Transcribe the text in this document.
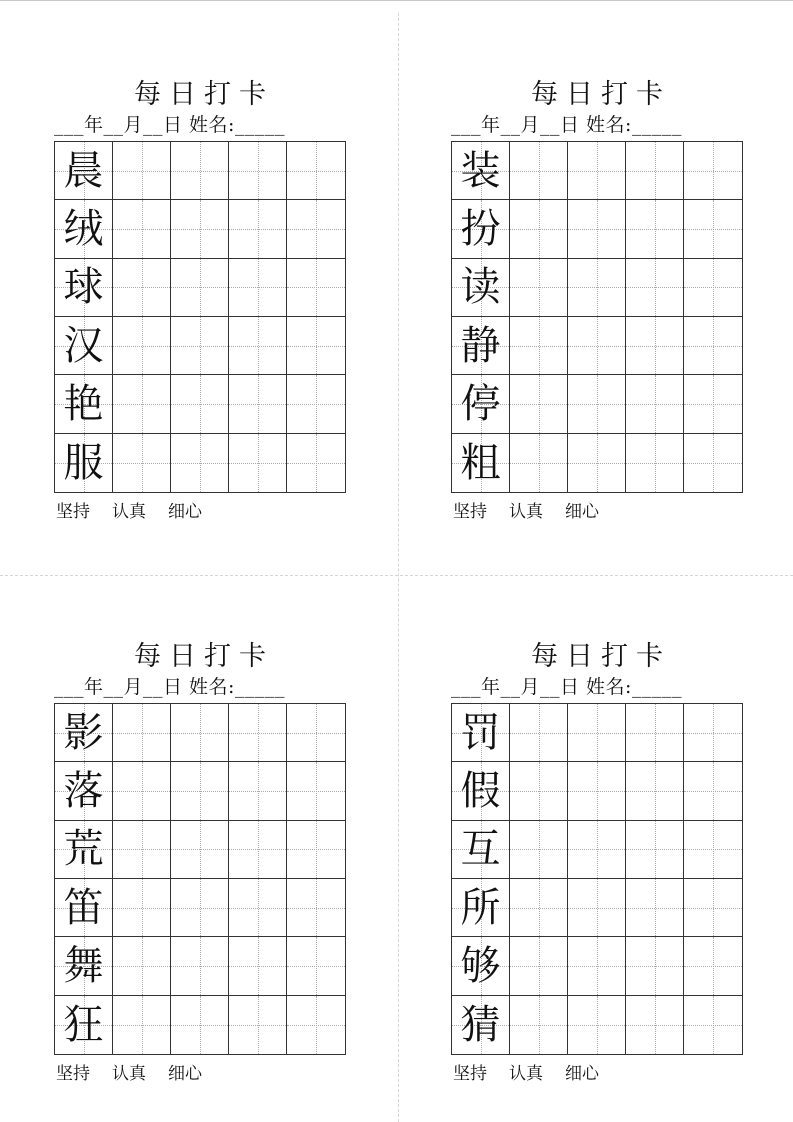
每日打卡
___年__月__日 姓名:_____
晨
绒
球
汉
艳
服
坚持 认真 细心
每日打卡
___年__月__日 姓名:_____
装
扮
读
静
停
粗
坚持 认真 细心
每日打卡
___年__月__日 姓名:_____
影
落
荒
笛
舞
狂
坚持 认真 细心
每日打卡
___年__月__日 姓名:_____
罚
假
互
所
够
猜
坚持 认真 细心
